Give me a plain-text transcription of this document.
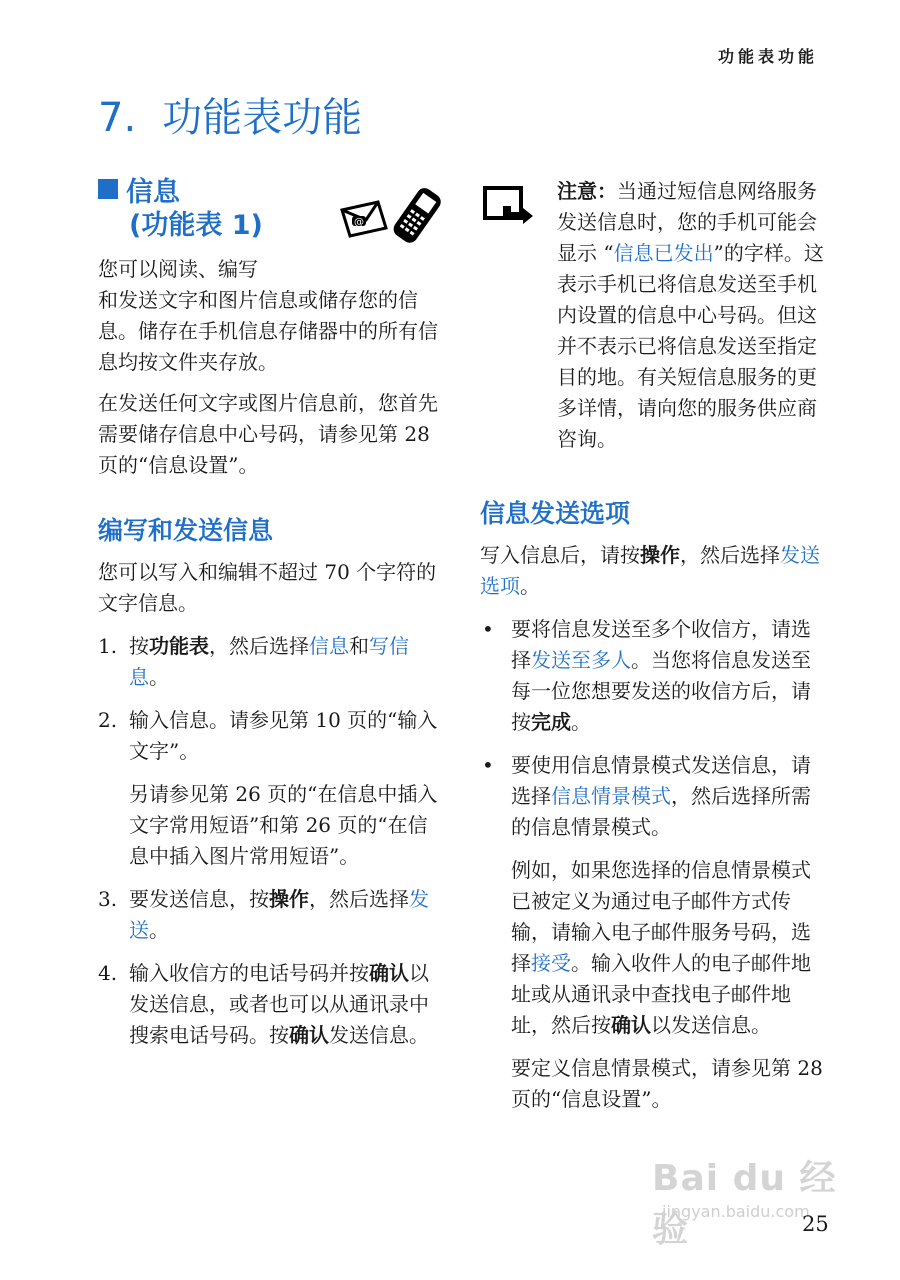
功能表功能
7. 功能表功能
@
信息
(功能表 1)

您可以阅读、编写
和发送文字和图片信息或储存您的信息。储存在手机信息存储器中的所有信息均按文件夹存放。

在发送任何文字或图片信息前，您首先需要储存信息中心号码，请参见第 28 页的“信息设置”。

编写和发送信息

您可以写入和编辑不超过 70 个字符的文字信息。

1. 按功能表，然后选择信息和写信息。
2. 输入信息。请参见第 10 页的“输入文字”。
另请参见第 26 页的“在信息中插入文字常用短语”和第 26 页的“在信息中插入图片常用短语”。
3. 要发送信息，按操作，然后选择发送。
4. 输入收信方的电话号码并按确认以发送信息，或者也可以从通讯录中搜索电话号码。按确认发送信息。

注意：当通过短信息网络服务发送信息时，您的手机可能会显示 “信息已发出”的字样。这表示手机已将信息发送至手机内设置的信息中心号码。但这并不表示已将信息发送至指定目的地。有关短信息服务的更多详情，请向您的服务供应商咨询。

信息发送选项

写入信息后，请按操作，然后选择发送选项。

• 要将信息发送至多个收信方，请选择发送至多人。当您将信息发送至每一位您想要发送的收信方后，请按完成。
• 要使用信息情景模式发送信息，请选择信息情景模式，然后选择所需的信息情景模式。
例如，如果您选择的信息情景模式已被定义为通过电子邮件方式传输，请输入电子邮件服务号码，选择接受。输入收件人的电子邮件地址或从通讯录中查找电子邮件地址，然后按确认以发送信息。
要定义信息情景模式，请参见第 28 页的“信息设置”。
Bai du 经验
jingyan.baidu.com
25
